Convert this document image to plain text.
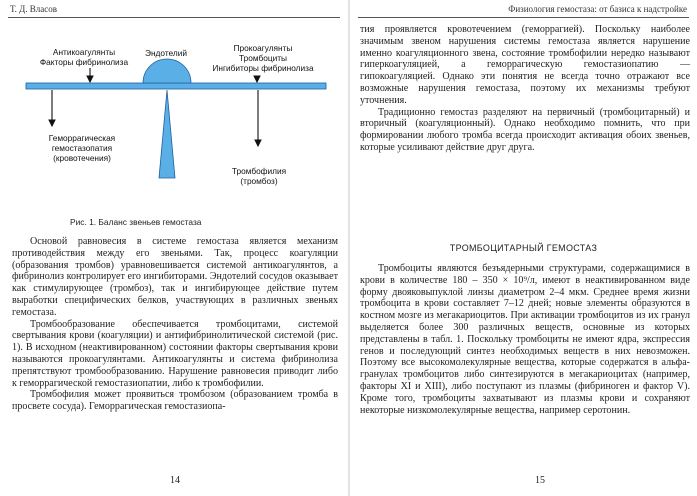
Т. Д. Власов
Антикоагулянты
Факторы фибринолиза
Эндотелий	Прокоагулянты
Тромбоциты
Ингибиторы фибринолиза
Геморрагическая
гемостазопатия
(кровотечения)
Тромбофилия
(тромбоз)
Рис. 1. Баланс звеньев гемостаза

Основой равновесия в системе гемостаза является механизм противодействия между его звеньями. Так, процесс коагуляции (образования тромбов) уравновешивается системой антикоагулянтов, а фибринолиз контролирует его ингибиторами. Эндотелий сосудов оказывает как стимулирующее (тромбоз), так и ингибирующее действие путем выработки специфических белков, участвующих в различных звеньях гемостаза.

Тромбообразование обеспечивается тромбоцитами, системой свертывания крови (коагуляции) и антифибринолитической системой (рис. 1). В исходном (неактивированном) состоянии факторы свертывания крови называются прокоагулянтами. Антикоагулянты и система фибринолиза препятствуют тромбообразованию. Нарушение равновесия приводит либо к геморрагической гемостазиопатии, либо к тромбофилии.

Тромбофилия может проявиться тромбозом (образованием тромба в просвете сосуда). Геморрагическая гемостазиопа-

14
Физиология гемостаза: от базиса к надстройке

тия проявляется кровотечением (геморрагией). Поскольку наиболее значимым звеном нарушения системы гемостаза является нарушение именно коагуляционного звена, состояние тромбофилии нередко называют гиперкоагуляцией, а геморрагическую гемостазиопатию — гипокоагуляцией. Однако эти понятия не всегда точно отражают все возможные нарушения гемостаза, поэтому их механизмы требуют уточнения.

Традиционно гемостаз разделяют на первичный (тромбоцитарный) и вторичный (коагуляционный). Однако необходимо помнить, что при формировании любого тромба всегда происходит активация обоих звеньев, которые усиливают действие друг друга.

ТРОМБОЦИТАРНЫЙ ГЕМОСТАЗ

Тромбоциты являются безъядерными структурами, содержащимися в крови в количестве 180 – 350 × 10⁹/л, имеют в неактивированном виде форму двояковыпуклой линзы диаметром 2–4 мкм. Среднее время жизни тромбоцита в крови составляет 7–12 дней; новые элементы образуются в костном мозге из мегакариоцитов. При активации тромбоцитов из их гранул выделяется более 300 различных веществ, основные из которых представлены в табл. 1. Поскольку тромбоциты не имеют ядра, экспрессия генов и последующий синтез необходимых веществ в них невозможен. Поэтому все высокомолекулярные вещества, которые содержатся в альфа-гранулах тромбоцитов либо синтезируются в мегакариоцитах (например, факторы XI и XIII), либо поступают из плазмы (фибриноген и фактор V). Кроме того, тромбоциты захватывают из плазмы крови и сохраняют некоторые низкомолекулярные вещества, например серотонин.

15
